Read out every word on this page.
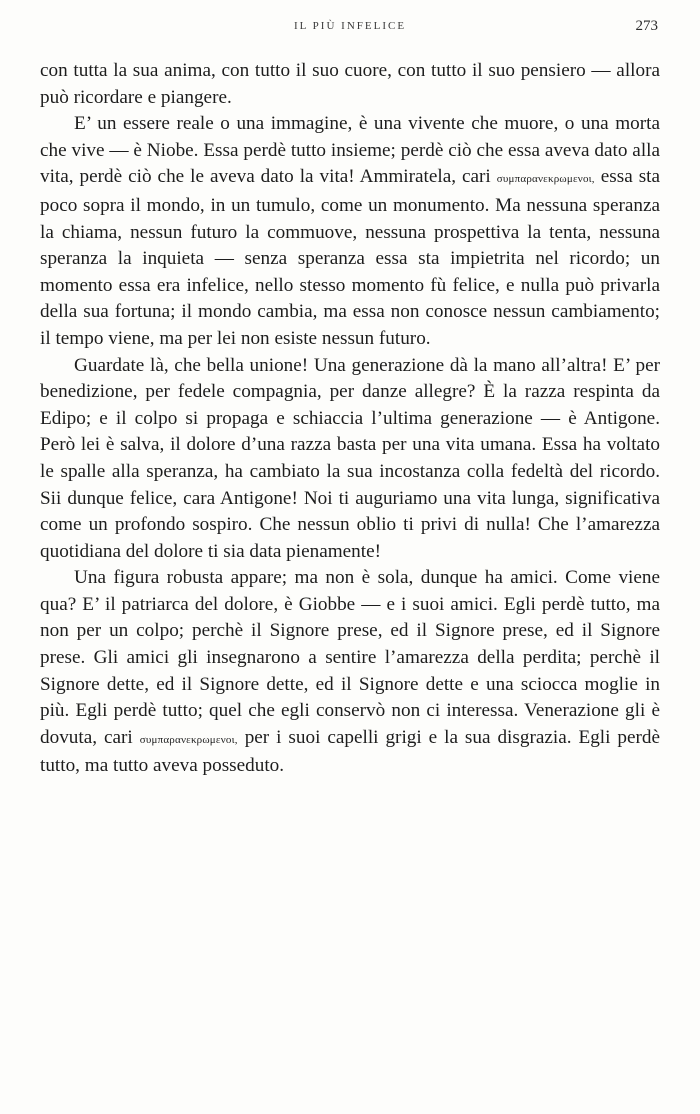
IL PIÙ INFELICE	273

con tutta la sua anima, con tutto il suo cuore, con tutto il suo pensiero — allora può ricordare e piangere.

E’ un essere reale o una immagine, è una vivente che muore, o una morta che vive — è Niobe. Essa perdè tutto insieme; perdè ciò che essa aveva dato alla vita, perdè ciò che le aveva dato la vita! Ammiratela, cari συμπαρανεκρωμενοι, essa sta poco sopra il mondo, in un tumulo, come un monumento. Ma nessuna speranza la chiama, nessun futuro la commuove, nessuna prospettiva la tenta, nessuna speranza la inquieta — senza speranza essa sta impietrita nel ricordo; un momento essa era infelice, nello stesso momento fù felice, e nulla può privarla della sua fortuna; il mondo cambia, ma essa non conosce nessun cambiamento; il tempo viene, ma per lei non esiste nessun futuro.

Guardate là, che bella unione! Una generazione dà la mano all’altra! E’ per benedizione, per fedele compagnia, per danze allegre? È la razza respinta da Edipo; e il colpo si propaga e schiaccia l’ultima generazione — è Antigone. Però lei è salva, il dolore d’una razza basta per una vita umana. Essa ha voltato le spalle alla speranza, ha cambiato la sua incostanza colla fedeltà del ricordo. Sii dunque felice, cara Antigone! Noi ti auguriamo una vita lunga, significativa come un profondo sospiro. Che nessun oblio ti privi di nulla! Che l’amarezza quotidiana del dolore ti sia data pienamente!

Una figura robusta appare; ma non è sola, dunque ha amici. Come viene qua? E’ il patriarca del dolore, è Giobbe — e i suoi amici. Egli perdè tutto, ma non per un colpo; perchè il Signore prese, ed il Signore prese, ed il Signore prese. Gli amici gli insegnarono a sentire l’amarezza della perdita; perchè il Signore dette, ed il Signore dette, ed il Signore dette e una sciocca moglie in più. Egli perdè tutto; quel che egli conservò non ci interessa. Venerazione gli è dovuta, cari συμπαρανεκρωμενοι, per i suoi capelli grigi e la sua disgrazia. Egli perdè tutto, ma tutto aveva posseduto.
